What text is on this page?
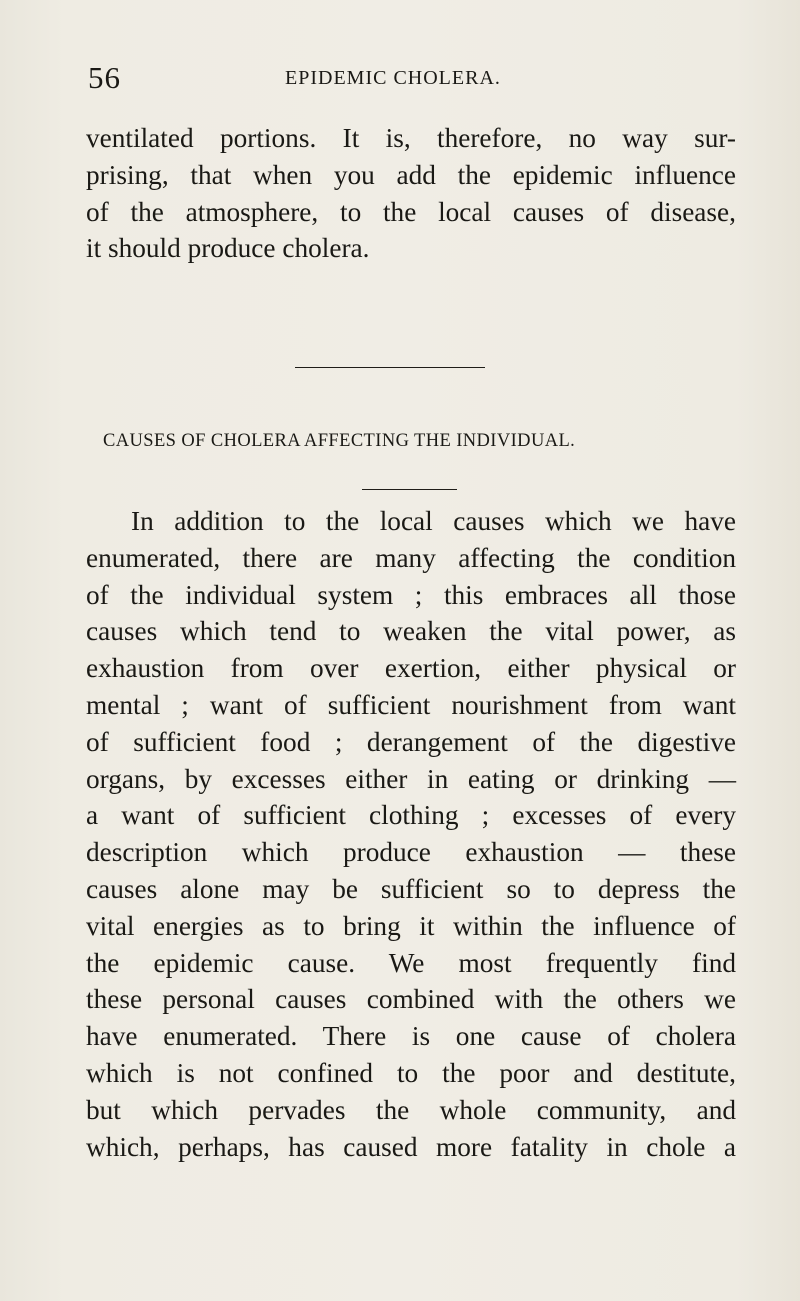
56	EPIDEMIC CHOLERA.

ventilated portions. It is, therefore, no way sur-

prising, that when you add the epidemic influence

of the atmosphere, to the local causes of disease,

it should produce cholera.

CAUSES OF CHOLERA AFFECTING THE INDIVIDUAL.

In addition to the local causes which we have

enumerated, there are many affecting the condition

of the individual system ; this embraces all those

causes which tend to weaken the vital power, as

exhaustion from over exertion, either physical or

mental ; want of sufficient nourishment from want

of sufficient food ; derangement of the digestive

organs, by excesses either in eating or drinking —

a want of sufficient clothing ; excesses of every

description which produce exhaustion — these

causes alone may be sufficient so to depress the

vital energies as to bring it within the influence of

the epidemic cause. We most frequently find

these personal causes combined with the others we

have enumerated. There is one cause of cholera

which is not confined to the poor and destitute,

but which pervades the whole community, and

which, perhaps, has caused more fatality in chole a
